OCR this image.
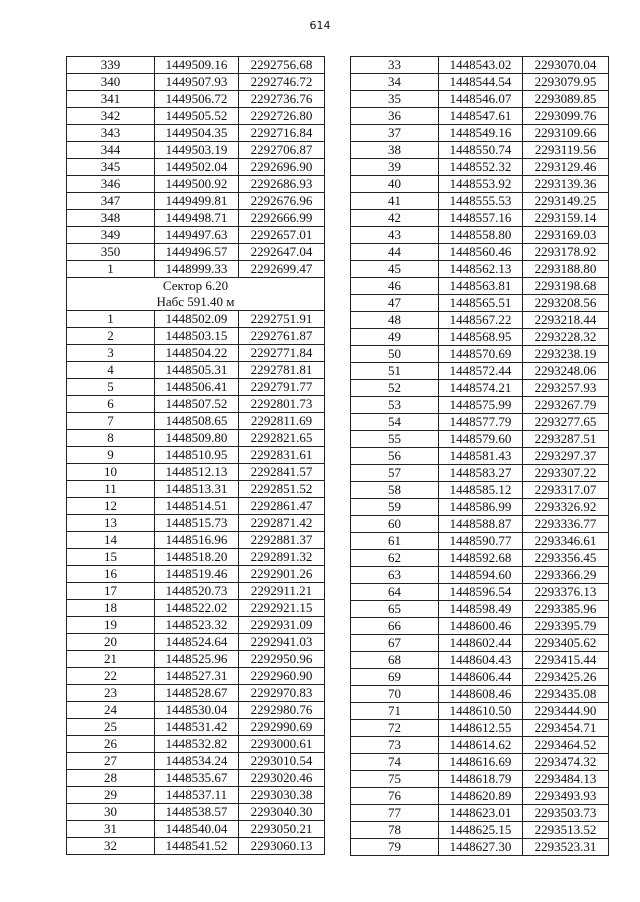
614
339	1449509.16	2292756.68
340	1449507.93	2292746.72
341	1449506.72	2292736.76
342	1449505.52	2292726.80
343	1449504.35	2292716.84
344	1449503.19	2292706.87
345	1449502.04	2292696.90
346	1449500.92	2292686.93
347	1449499.81	2292676.96
348	1449498.71	2292666.99
349	1449497.63	2292657.01
350	1449496.57	2292647.04
1	1448999.33	2292699.47

Сектор 6.20
Набс 591.40 м		

1	1448502.09	2292751.91
2	1448503.15	2292761.87
3	1448504.22	2292771.84
4	1448505.31	2292781.81
5	1448506.41	2292791.77
6	1448507.52	2292801.73
7	1448508.65	2292811.69
8	1448509.80	2292821.65
9	1448510.95	2292831.61
10	1448512.13	2292841.57
11	1448513.31	2292851.52
12	1448514.51	2292861.47
13	1448515.73	2292871.42
14	1448516.96	2292881.37
15	1448518.20	2292891.32
16	1448519.46	2292901.26
17	1448520.73	2292911.21
18	1448522.02	2292921.15
19	1448523.32	2292931.09
20	1448524.64	2292941.03
21	1448525.96	2292950.96
22	1448527.31	2292960.90
23	1448528.67	2292970.83
24	1448530.04	2292980.76
25	1448531.42	2292990.69
26	1448532.82	2293000.61
27	1448534.24	2293010.54
28	1448535.67	2293020.46
29	1448537.11	2293030.38
30	1448538.57	2293040.30
31	1448540.04	2293050.21
32	1448541.52	2293060.13
33	1448543.02	2293070.04
34	1448544.54	2293079.95
35	1448546.07	2293089.85
36	1448547.61	2293099.76
37	1448549.16	2293109.66
38	1448550.74	2293119.56
39	1448552.32	2293129.46
40	1448553.92	2293139.36
41	1448555.53	2293149.25
42	1448557.16	2293159.14
43	1448558.80	2293169.03
44	1448560.46	2293178.92
45	1448562.13	2293188.80
46	1448563.81	2293198.68
47	1448565.51	2293208.56
48	1448567.22	2293218.44
49	1448568.95	2293228.32
50	1448570.69	2293238.19
51	1448572.44	2293248.06
52	1448574.21	2293257.93
53	1448575.99	2293267.79
54	1448577.79	2293277.65
55	1448579.60	2293287.51
56	1448581.43	2293297.37
57	1448583.27	2293307.22
58	1448585.12	2293317.07
59	1448586.99	2293326.92
60	1448588.87	2293336.77
61	1448590.77	2293346.61
62	1448592.68	2293356.45
63	1448594.60	2293366.29
64	1448596.54	2293376.13
65	1448598.49	2293385.96
66	1448600.46	2293395.79
67	1448602.44	2293405.62
68	1448604.43	2293415.44
69	1448606.44	2293425.26
70	1448608.46	2293435.08
71	1448610.50	2293444.90
72	1448612.55	2293454.71
73	1448614.62	2293464.52
74	1448616.69	2293474.32
75	1448618.79	2293484.13
76	1448620.89	2293493.93
77	1448623.01	2293503.73
78	1448625.15	2293513.52
79	1448627.30	2293523.31
